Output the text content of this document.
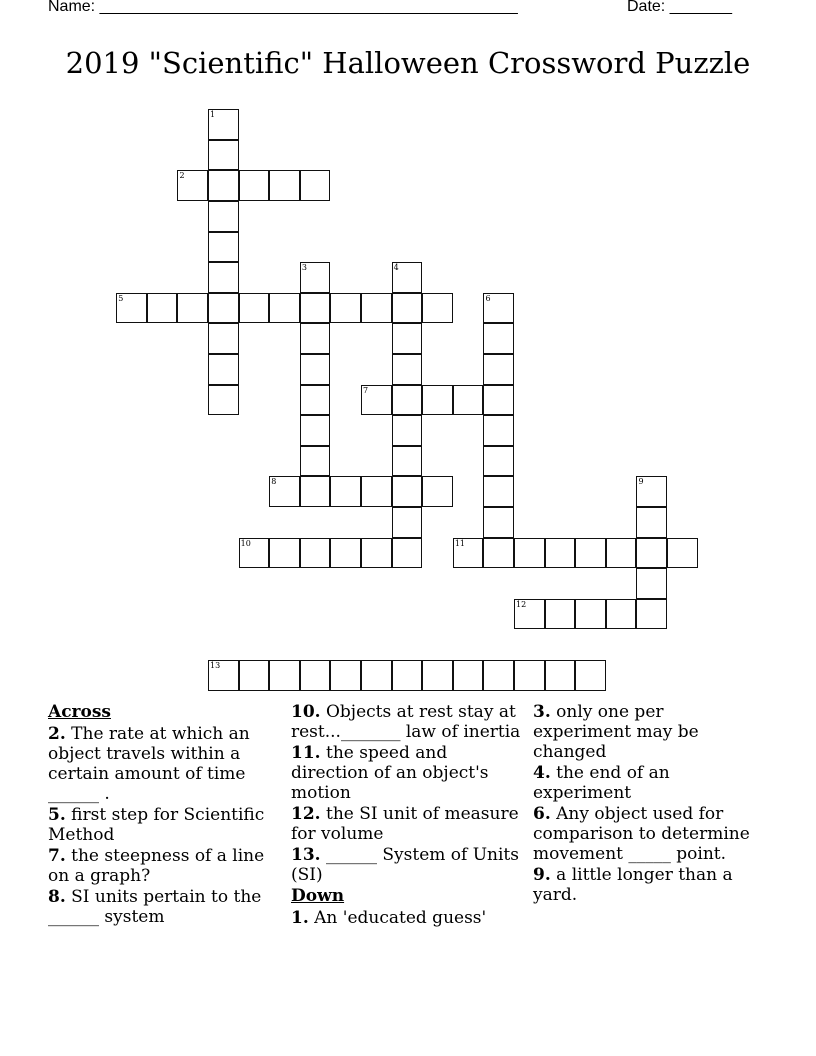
Name: _______________________________________________	Date: _______
2019 "Scientific" Halloween Crossword Puzzle
1
2
3	4
5	6
7
8	9
10	11
12
13
Across
2. The rate at which an object travels within a certain amount of time ______ .
5. first step for Scientific Method
7. the steepness of a line on a graph?
8. SI units pertain to the ______ system
10. Objects at rest stay at rest..._______ law of inertia
11. the speed and direction of an object's motion
12. the SI unit of measure for volume
13. ______ System of Units (SI)
Down
1. An 'educated guess'
3. only one per experiment may be changed
4. the end of an experiment
6. Any object used for comparison to determine movement _____ point.
9. a little longer than a yard.
